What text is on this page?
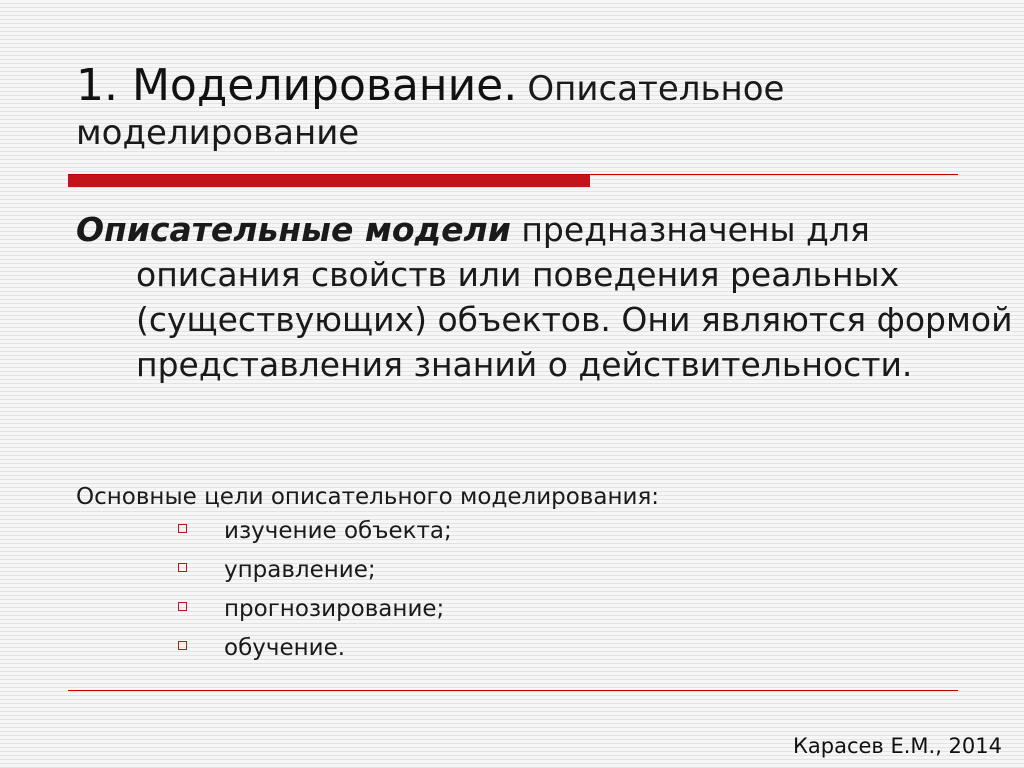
1. Моделирование. Описательное
моделирование

Описательные модели предназначены для описания свойств или поведения реальных (существующих) объектов. Они являются формой представления знаний о действительности.

Основные цели описательного моделирования:

изучение объекта;
управление;
прогнозирование;
обучение.
Карасев Е.М., 2014
